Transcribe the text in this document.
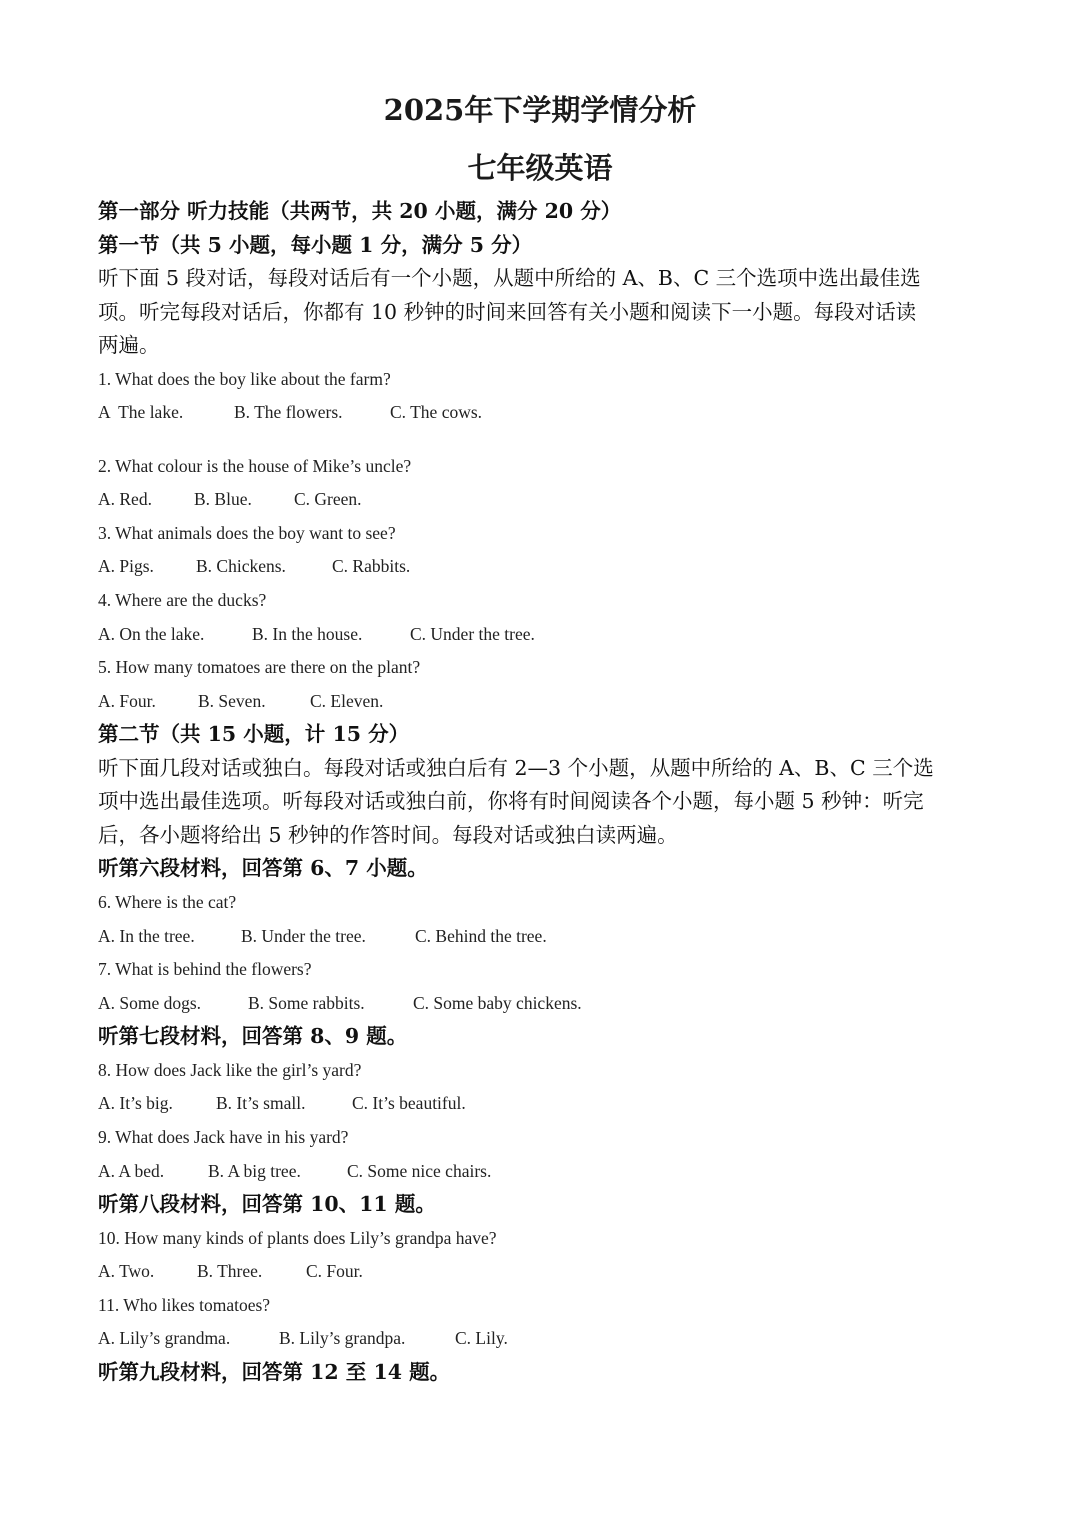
2025年下学期学情分析
七年级英语

第一部分 听力技能（共两节，共 20 小题，满分 20 分）

第一节（共 5 小题，每小题 1 分，满分 5 分）

听下面 5 段对话，每段对话后有一个小题，从题中所给的 A、B、C 三个选项中选出最佳选

项。听完每段对话后，你都有 10 秒钟的时间来回答有关小题和阅读下一小题。每段对话读

两遍。

1. What does the boy like about the farm?

A  The lake.	B. The flowers.	C. The cows.

2. What colour is the house of Mike’s uncle?

A. Red. B. Blue. C. Green.

3. What animals does the boy want to see?

A. Pigs. B. Chickens.	C. Rabbits.

4. Where are the ducks?

A. On the lake.	B. In the house.	C. Under the tree.

5. How many tomatoes are there on the plant?

A. Four. B. Seven.	C. Eleven.

第二节（共 15 小题，计 15 分）

听下面几段对话或独白。每段对话或独白后有 2—3 个小题，从题中所给的 A、B、C 三个选

项中选出最佳选项。听每段对话或独白前，你将有时间阅读各个小题，每小题 5 秒钟：听完

后，各小题将给出 5 秒钟的作答时间。每段对话或独白读两遍。

听第六段材料，回答第 6、7 小题。

6. Where is the cat?

A. In the tree.	B. Under the tree.	C. Behind the tree.

7. What is behind the flowers?

A. Some dogs.	B. Some rabbits.	C. Some baby chickens.

听第七段材料，回答第 8、9 题。

8. How does Jack like the girl’s yard?

A. It’s big. B. It’s small.	C. It’s beautiful.

9. What does Jack have in his yard?

A. A bed.	B. A big tree.	C. Some nice chairs.

听第八段材料，回答第 10、11 题。

10. How many kinds of plants does Lily’s grandpa have?

A. Two. B. Three. C. Four.

11. Who likes tomatoes?

A. Lily’s grandma.	B. Lily’s grandpa.	C. Lily.

听第九段材料，回答第 12 至 14 题。
